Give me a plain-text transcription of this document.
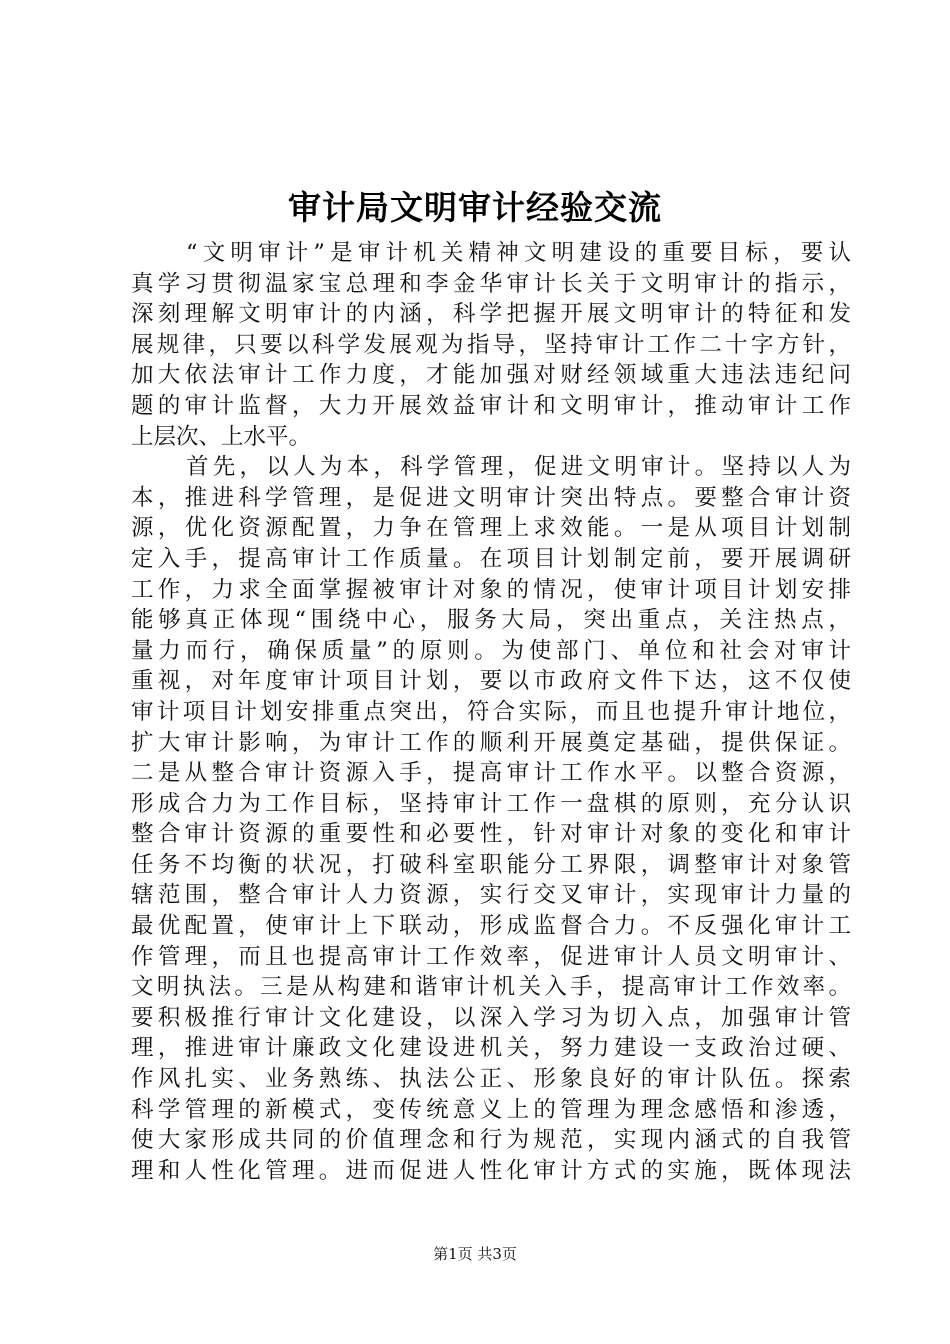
审计局文明审计经验交流
“文明审计”是审计机关精神文明建设的重要目标，要认
真学习贯彻温家宝总理和李金华审计长关于文明审计的指示，
深刻理解文明审计的内涵，科学把握开展文明审计的特征和发
展规律，只要以科学发展观为指导，坚持审计工作二十字方针，
加大依法审计工作力度，才能加强对财经领域重大违法违纪问
题的审计监督，大力开展效益审计和文明审计，推动审计工作
上层次、上水平。
首先，以人为本，科学管理，促进文明审计。坚持以人为
本，推进科学管理，是促进文明审计突出特点。要整合审计资
源，优化资源配置，力争在管理上求效能。一是从项目计划制
定入手，提高审计工作质量。在项目计划制定前，要开展调研
工作，力求全面掌握被审计对象的情况，使审计项目计划安排
能够真正体现“围绕中心，服务大局，突出重点，关注热点，
量力而行，确保质量”的原则。为使部门、单位和社会对审计
重视，对年度审计项目计划，要以市政府文件下达，这不仅使
审计项目计划安排重点突出，符合实际，而且也提升审计地位，
扩大审计影响，为审计工作的顺利开展奠定基础，提供保证。
二是从整合审计资源入手，提高审计工作水平。以整合资源，
形成合力为工作目标，坚持审计工作一盘棋的原则，充分认识
整合审计资源的重要性和必要性，针对审计对象的变化和审计
任务不均衡的状况，打破科室职能分工界限，调整审计对象管
辖范围，整合审计人力资源，实行交叉审计，实现审计力量的
最优配置，使审计上下联动，形成监督合力。不反强化审计工
作管理，而且也提高审计工作效率，促进审计人员文明审计、
文明执法。三是从构建和谐审计机关入手，提高审计工作效率。
要积极推行审计文化建设，以深入学习为切入点，加强审计管
理，推进审计廉政文化建设进机关，努力建设一支政治过硬、
作风扎实、业务熟练、执法公正、形象良好的审计队伍。探索
科学管理的新模式，变传统意义上的管理为理念感悟和渗透，
使大家形成共同的价值理念和行为规范，实现内涵式的自我管
理和人性化管理。进而促进人性化审计方式的实施，既体现法
第1页 共3页
